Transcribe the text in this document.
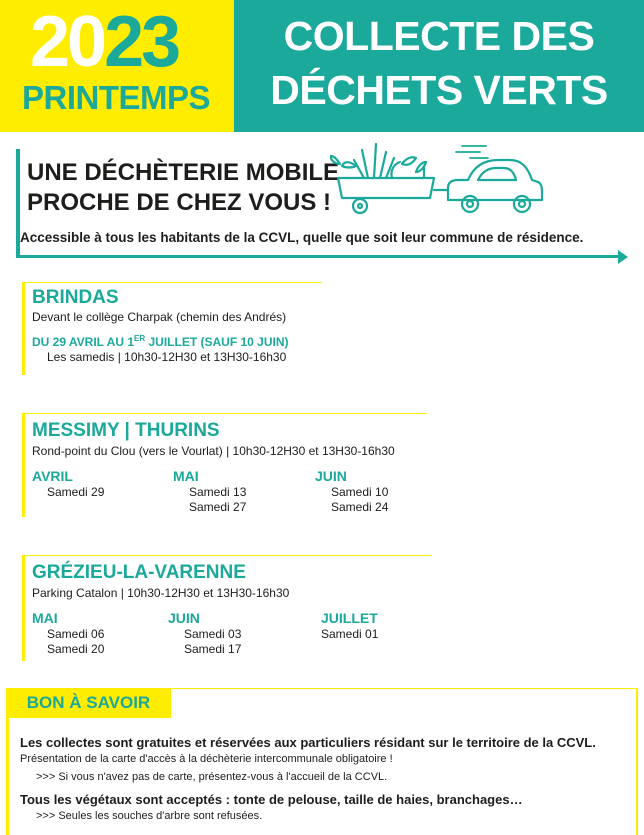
2023
PRINTEMPS
COLLECTE DES
DÉCHETS VERTS
UNE DÉCHÈTERIE MOBILE
PROCHE DE CHEZ VOUS !
Accessible à tous les habitants de la CCVL, quelle que soit leur commune de résidence.
BRINDAS
Devant le collège Charpak (chemin des Andrés)
DU 29 AVRIL AU 1ER JUILLET (SAUF 10 JUIN)
Les samedis | 10h30-12H30 et 13H30-16h30
MESSIMY | THURINS
Rond-point du Clou (vers le Vourlat) | 10h30-12H30 et 13H30-16h30
AVRIL
Samedi 29
MAI
Samedi 13
Samedi 27
JUIN
Samedi 10
Samedi 24
GRÉZIEU-LA-VARENNE
Parking Catalon | 10h30-12H30 et 13H30-16h30
MAI
Samedi 06
Samedi 20
JUIN
Samedi 03
Samedi 17
JUILLET
Samedi 01
BON À SAVOIR
Les collectes sont gratuites et réservées aux particuliers résidant sur le territoire de la CCVL.
Présentation de la carte d'accès à la déchèterie intercommunale obligatoire !
>>> Si vous n'avez pas de carte, présentez-vous à l'accueil de la CCVL.
Tous les végétaux sont acceptés : tonte de pelouse, taille de haies, branchages…
>>> Seules les souches d'arbre sont refusées.
